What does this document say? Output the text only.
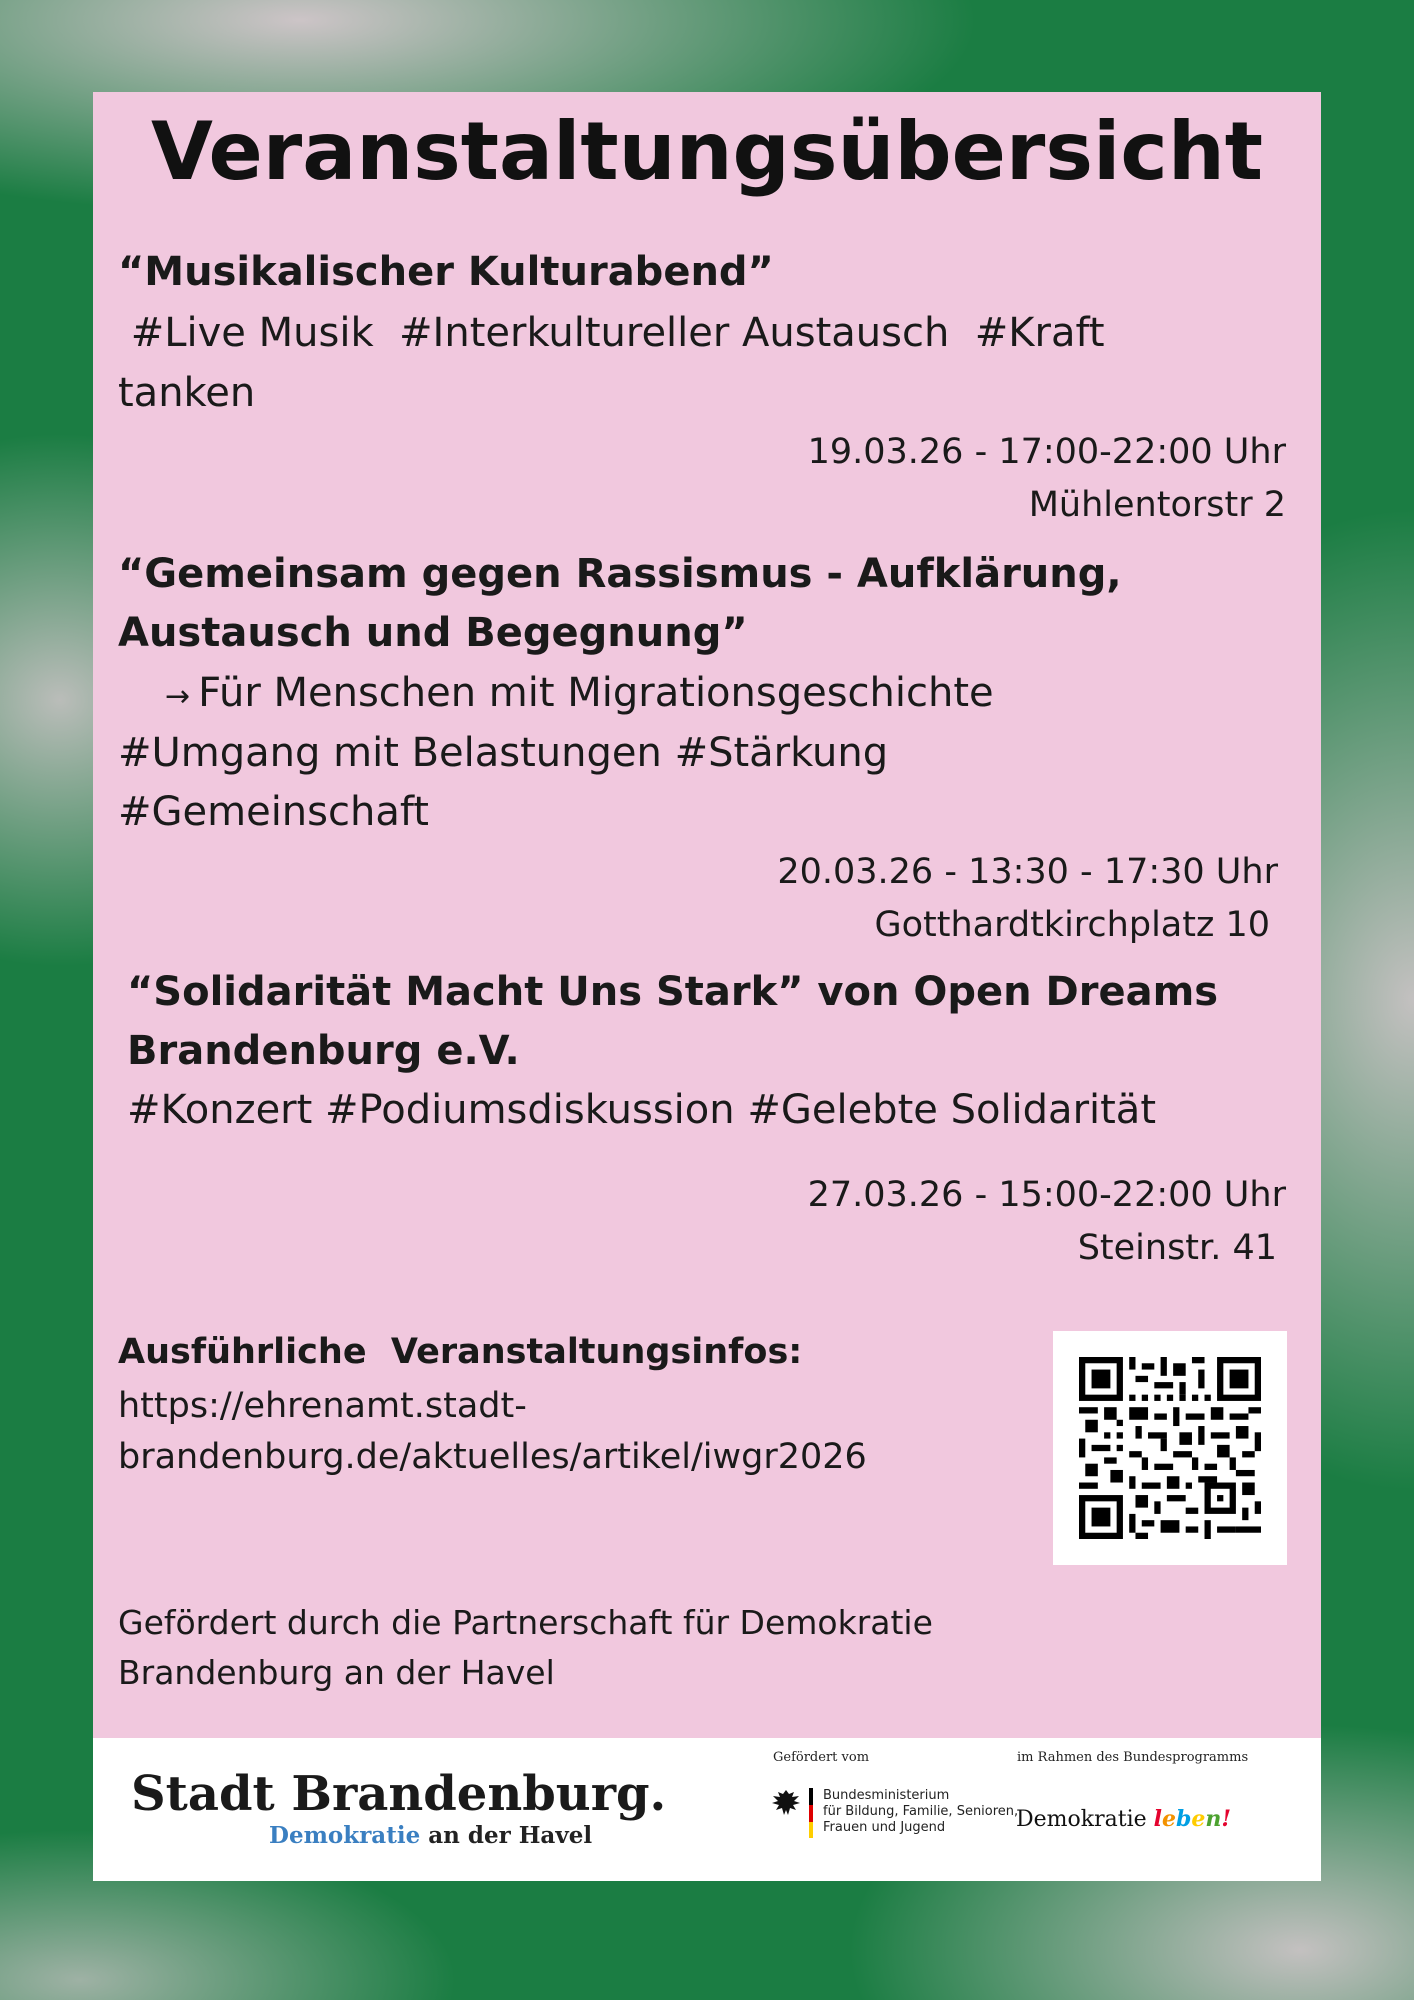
Veranstaltungsübersicht
“Musikalischer Kulturabend”
#Live Musik  #Interkultureller Austausch  #Kraft
tanken
19.03.26 - 17:00-22:00 Uhr
Mühlentorstr 2
“Gemeinsam gegen Rassismus - Aufklärung,
Austausch und Begegnung”
→ Für Menschen mit Migrationsgeschichte
#Umgang mit Belastungen #Stärkung
#Gemeinschaft
20.03.26 - 13:30 - 17:30 Uhr
Gotthardtkirchplatz 10
“Solidarität Macht Uns Stark” von Open Dreams
Brandenburg e.V.
#Konzert #Podiumsdiskussion #Gelebte Solidarität
27.03.26 - 15:00-22:00 Uhr
Steinstr. 41
Ausführliche  Veranstaltungsinfos:
https://ehrenamt.stadt-
brandenburg.de/aktuelles/artikel/iwgr2026
Gefördert durch die Partnerschaft für Demokratie
Brandenburg an der Havel
Stadt Brandenburg.
Demokratie an der Havel
Gefördert vom
Bundesministerium
für Bildung, Familie, Senioren,
Frauen und Jugend
im Rahmen des Bundesprogramms
Demokratie leben!
